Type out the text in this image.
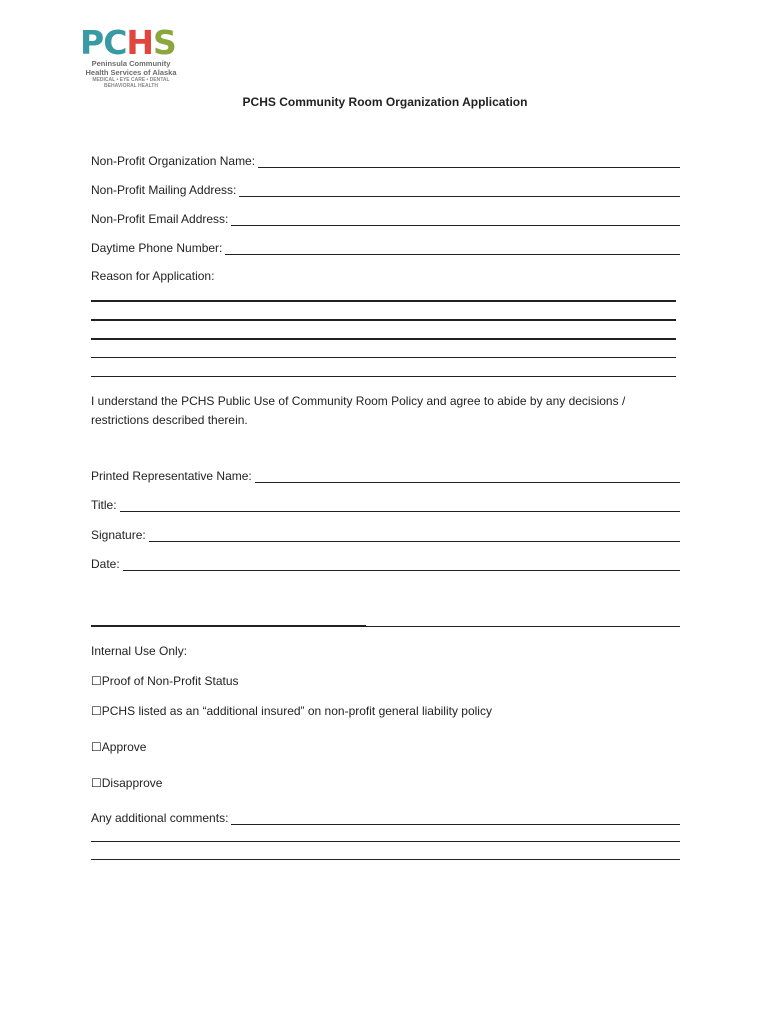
PCHS
Peninsula Community
Health Services of Alaska
MEDICAL • EYE CARE • DENTAL
BEHAVIORAL HEALTH
PCHS Community Room Organization Application
Non-Profit Organization Name:
Non-Profit Mailing Address:
Non-Profit Email Address:
Daytime Phone Number:
Reason for Application:
I understand the PCHS Public Use of Community Room Policy and agree to abide by any decisions / restrictions described therein.
Printed Representative Name:
Title:
Signature:
Date:
Internal Use Only:
☐Proof of Non-Profit Status
☐PCHS listed as an “additional insured” on non-profit general liability policy
☐Approve
☐Disapprove
Any additional comments:
